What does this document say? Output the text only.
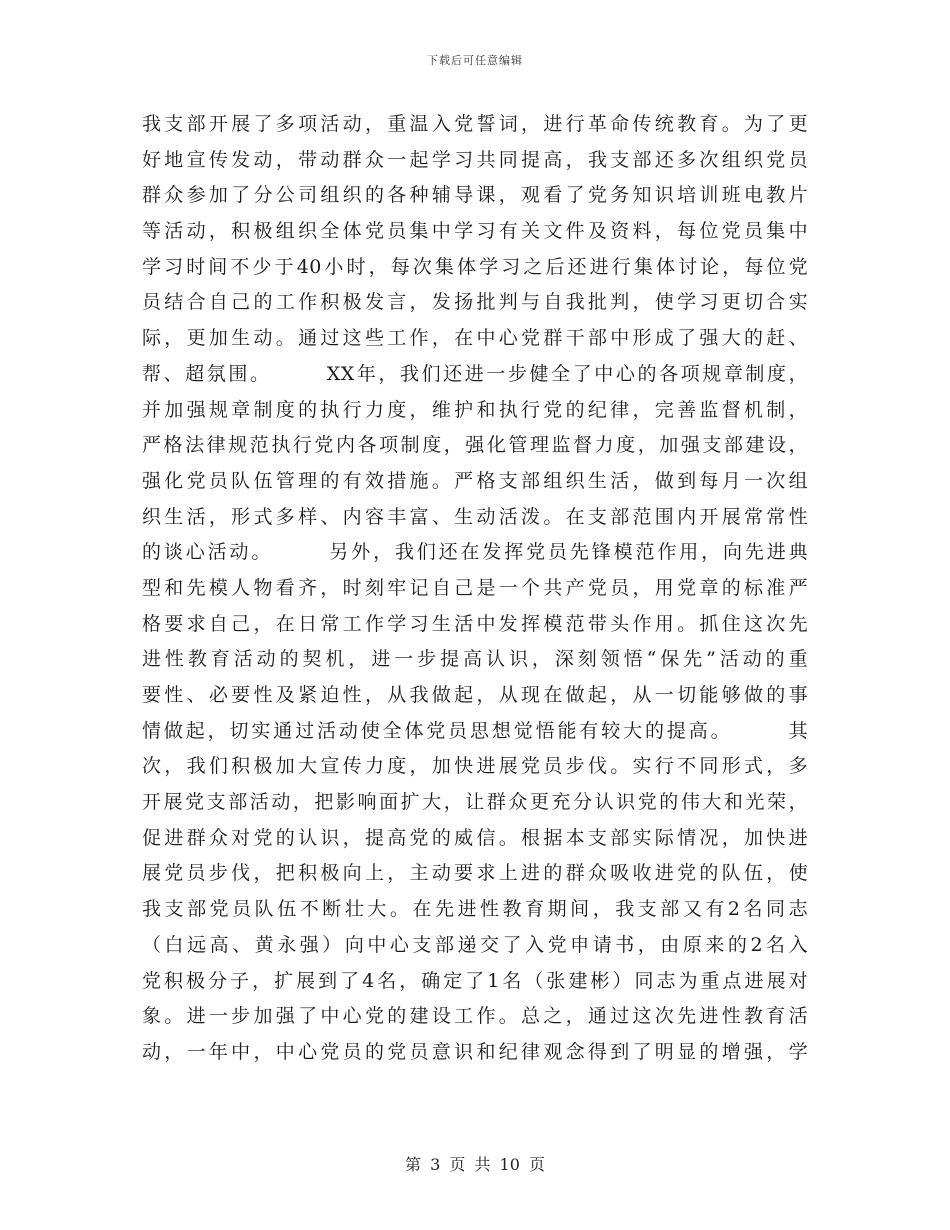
下载后可任意编辑
我支部开展了多项活动，重温入党誓词，进行革命传统教育。为了更
好地宣传发动，带动群众一起学习共同提高，我支部还多次组织党员
群众参加了分公司组织的各种辅导课，观看了党务知识培训班电教片
等活动，积极组织全体党员集中学习有关文件及资料，每位党员集中
学习时间不少于40小时，每次集体学习之后还进行集体讨论，每位党
员结合自己的工作积极发言，发扬批判与自我批判，使学习更切合实
际，更加生动。通过这些工作，在中心党群干部中形成了强大的赶、
帮、超氛围。　　　XX年，我们还进一步健全了中心的各项规章制度，
并加强规章制度的执行力度，维护和执行党的纪律，完善监督机制，
严格法律规范执行党内各项制度，强化管理监督力度，加强支部建设，
强化党员队伍管理的有效措施。严格支部组织生活，做到每月一次组
织生活，形式多样、内容丰富、生动活泼。在支部范围内开展常常性
的谈心活动。　　　另外，我们还在发挥党员先锋模范作用，向先进典
型和先模人物看齐，时刻牢记自己是一个共产党员，用党章的标准严
格要求自己，在日常工作学习生活中发挥模范带头作用。抓住这次先
进性教育活动的契机，进一步提高认识，深刻领悟“保先”活动的重
要性、必要性及紧迫性，从我做起，从现在做起，从一切能够做的事
情做起，切实通过活动使全体党员思想觉悟能有较大的提高。　　　其
次，我们积极加大宣传力度，加快进展党员步伐。实行不同形式，多
开展党支部活动，把影响面扩大，让群众更充分认识党的伟大和光荣，
促进群众对党的认识，提高党的威信。根据本支部实际情况，加快进
展党员步伐，把积极向上，主动要求上进的群众吸收进党的队伍，使
我支部党员队伍不断壮大。在先进性教育期间，我支部又有2名同志
（白远高、黄永强）向中心支部递交了入党申请书，由原来的2名入
党积极分子，扩展到了4名，确定了1名（张建彬）同志为重点进展对
象。进一步加强了中心党的建设工作。总之，通过这次先进性教育活
动，一年中，中心党员的党员意识和纪律观念得到了明显的增强，学
第 3 页 共 10 页
